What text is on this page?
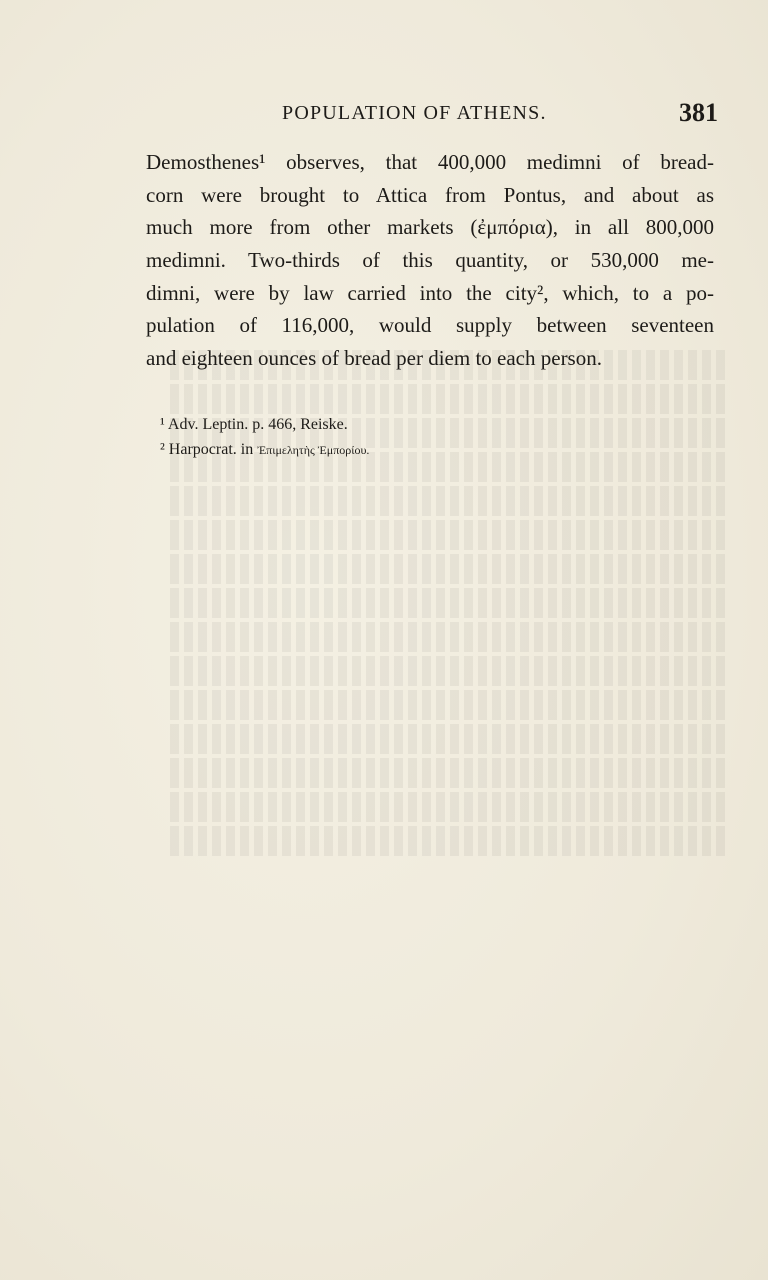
POPULATION OF ATHENS.	381
Demosthenes¹ observes, that 400,000 medimni of bread-
corn were brought to Attica from Pontus, and about as
much more from other markets (ἐμπόρια), in all 800,000
medimni. Two-thirds of this quantity, or 530,000 me-
dimni, were by law carried into the city², which, to a po-
pulation of 116,000, would supply between seventeen
and eighteen ounces of bread per diem to each person.
¹ Adv. Leptin. p. 466, Reiske.
² Harpocrat. in Ἐπιμελητὴς Ἐμπορίου.
